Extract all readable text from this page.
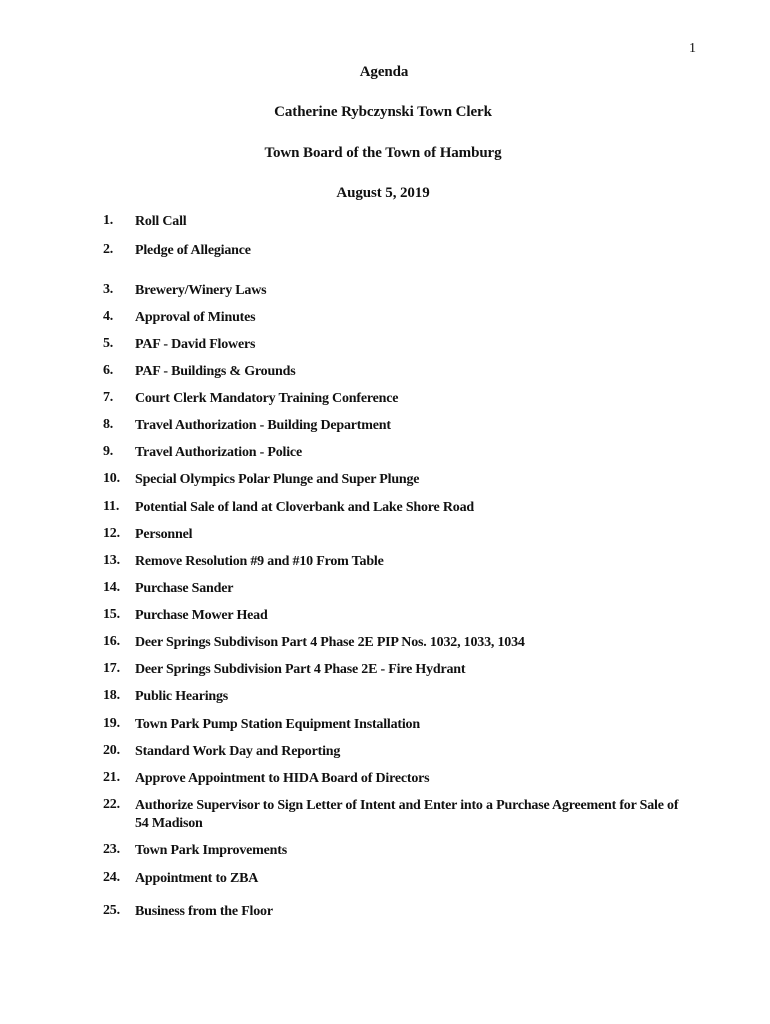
1
Agenda
Catherine Rybczynski Town Clerk
Town Board of the Town of Hamburg
August 5, 2019
1. Roll Call
2. Pledge of Allegiance
3. Brewery/Winery Laws
4. Approval of Minutes
5. PAF - David Flowers
6. PAF - Buildings & Grounds
7. Court Clerk Mandatory Training Conference
8. Travel Authorization - Building Department
9. Travel Authorization - Police
10. Special Olympics Polar Plunge and Super Plunge
11. Potential Sale of land at Cloverbank and Lake Shore Road
12. Personnel
13. Remove Resolution #9 and #10 From Table
14. Purchase Sander
15. Purchase Mower Head
16. Deer Springs Subdivison Part 4 Phase 2E PIP Nos. 1032, 1033, 1034
17. Deer Springs Subdivision Part 4 Phase 2E - Fire Hydrant
18. Public Hearings
19. Town Park Pump Station Equipment Installation
20. Standard Work Day and Reporting
21. Approve Appointment to HIDA Board of Directors
22. Authorize Supervisor to Sign Letter of Intent and Enter into a Purchase Agreement for Sale of 54 Madison
23. Town Park Improvements
24. Appointment to ZBA
25. Business from the Floor
